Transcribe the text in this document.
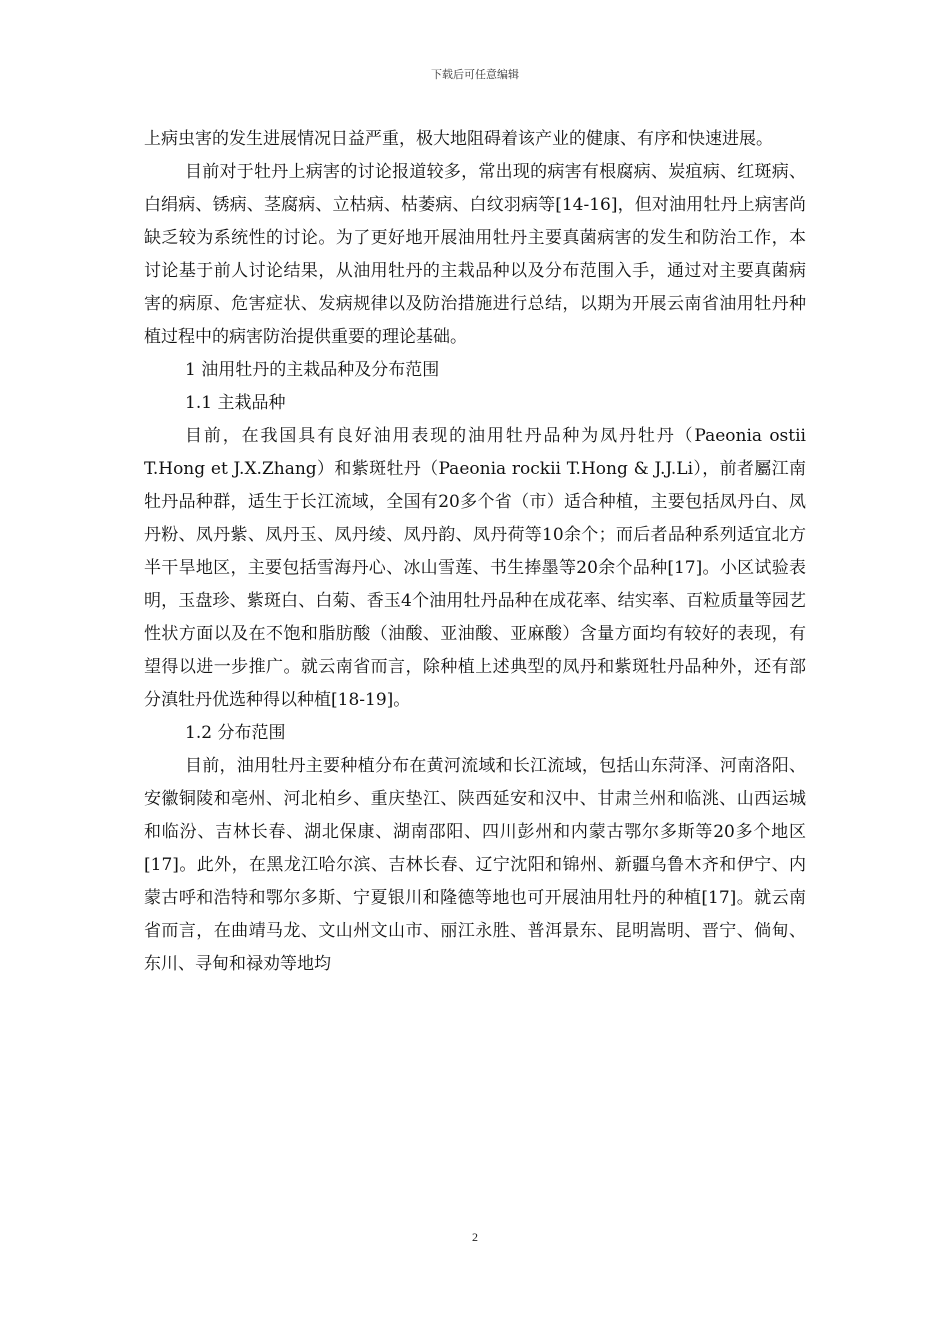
下载后可任意编辑

上病虫害的发生进展情况日益严重，极大地阻碍着该产业的健康、有序和快速进展。

目前对于牡丹上病害的讨论报道较多，常出现的病害有根腐病、炭疽病、红斑病、白绢病、锈病、茎腐病、立枯病、枯萎病、白纹羽病等[14-16]，但对油用牡丹上病害尚缺乏较为系统性的讨论。为了更好地开展油用牡丹主要真菌病害的发生和防治工作，本讨论基于前人讨论结果，从油用牡丹的主栽品种以及分布范围入手，通过对主要真菌病害的病原、危害症状、发病规律以及防治措施进行总结，以期为开展云南省油用牡丹种植过程中的病害防治提供重要的理论基础。

1 油用牡丹的主栽品种及分布范围

1.1 主栽品种

目前，在我国具有良好油用表现的油用牡丹品种为凤丹牡丹（Paeonia ostii T.Hong et J.X.Zhang）和紫斑牡丹（Paeonia rockii T.Hong & J.J.Li），前者屬江南牡丹品种群，适生于长江流域，全国有20多个省（市）适合种植，主要包括凤丹白、凤丹粉、凤丹紫、凤丹玉、凤丹绫、凤丹韵、凤丹荷等10余个；而后者品种系列适宜北方半干旱地区，主要包括雪海丹心、冰山雪莲、书生捧墨等20余个品种[17]。小区试验表明，玉盘珍、紫斑白、白菊、香玉4个油用牡丹品种在成花率、结实率、百粒质量等园艺性状方面以及在不饱和脂肪酸（油酸、亚油酸、亚麻酸）含量方面均有较好的表现，有望得以进一步推广。就云南省而言，除种植上述典型的凤丹和紫斑牡丹品种外，还有部分滇牡丹优选种得以种植[18-19]。

1.2 分布范围

目前，油用牡丹主要种植分布在黄河流域和长江流域，包括山东菏泽、河南洛阳、安徽铜陵和亳州、河北柏乡、重庆垫江、陕西延安和汉中、甘肃兰州和临洮、山西运城和临汾、吉林长春、湖北保康、湖南邵阳、四川彭州和内蒙古鄂尔多斯等20多个地区[17]。此外，在黑龙江哈尔滨、吉林长春、辽宁沈阳和锦州、新疆乌鲁木齐和伊宁、内蒙古呼和浩特和鄂尔多斯、宁夏银川和隆德等地也可开展油用牡丹的种植[17]。就云南省而言，在曲靖马龙、文山州文山市、丽江永胜、普洱景东、昆明嵩明、晋宁、倘甸、东川、寻甸和禄劝等地均

2
